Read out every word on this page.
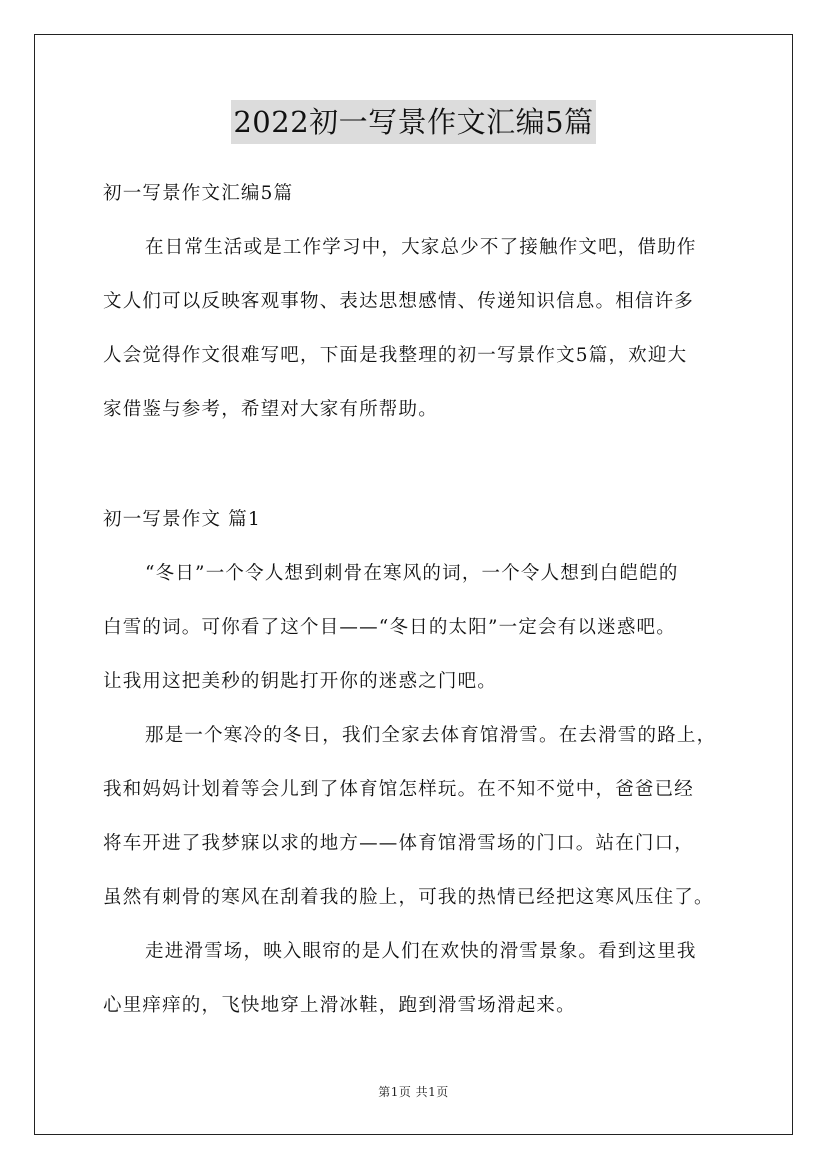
2022初一写景作文汇编5篇
初一写景作文汇编5篇
在日常生活或是工作学习中，大家总少不了接触作文吧，借助作
文人们可以反映客观事物、表达思想感情、传递知识信息。相信许多
人会觉得作文很难写吧，下面是我整理的初一写景作文5篇，欢迎大
家借鉴与参考，希望对大家有所帮助。
初一写景作文 篇1
“冬日”一个令人想到刺骨在寒风的词，一个令人想到白皑皑的
白雪的词。可你看了这个目——“冬日的太阳”一定会有以迷惑吧。
让我用这把美秒的钥匙打开你的迷惑之门吧。
那是一个寒冷的冬日，我们全家去体育馆滑雪。在去滑雪的路上，
我和妈妈计划着等会儿到了体育馆怎样玩。在不知不觉中，爸爸已经
将车开进了我梦寐以求的地方——体育馆滑雪场的门口。站在门口，
虽然有刺骨的寒风在刮着我的脸上，可我的热情已经把这寒风压住了。
走进滑雪场，映入眼帘的是人们在欢快的滑雪景象。看到这里我
心里痒痒的，飞快地穿上滑冰鞋，跑到滑雪场滑起来。
第1页 共1页
